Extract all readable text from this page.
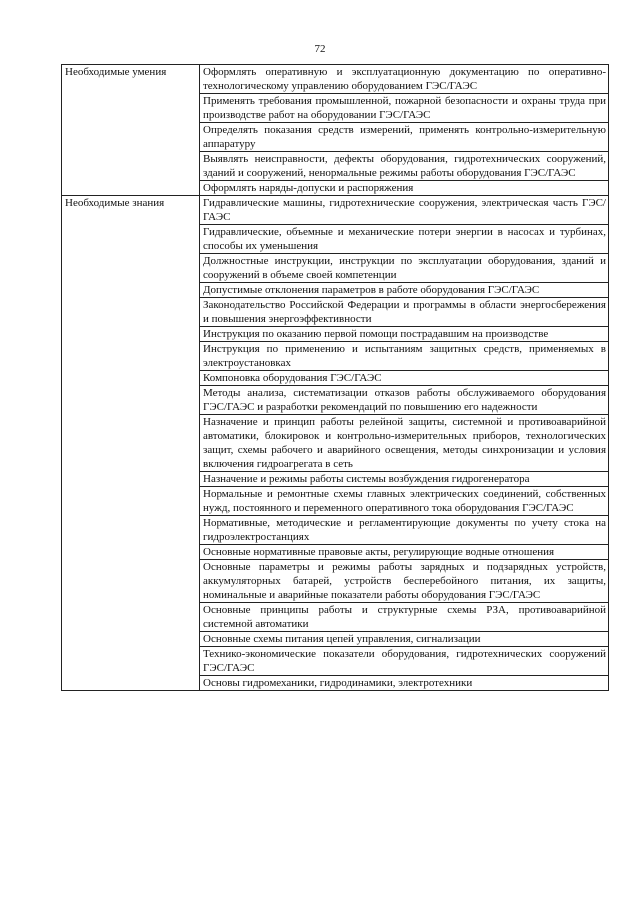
72
Необходимые умения	Оформлять оперативную и эксплуатационную документацию по оперативно-технологическому управлению оборудованием ГЭС/ГАЭС
	Применять требования промышленной, пожарной безопасности и охраны труда при производстве работ на оборудовании ГЭС/ГАЭС
	Определять показания средств измерений, применять контрольно-измерительную аппаратуру
	Выявлять неисправности, дефекты оборудования, гидротехнических сооружений, зданий и сооружений, ненормальные режимы работы оборудования ГЭС/ГАЭС
	Оформлять наряды-допуски и распоряжения
Необходимые знания	Гидравлические машины, гидротехнические сооружения, электрическая часть ГЭС/ГАЭС
	Гидравлические, объемные и механические потери энергии в насосах и турбинах, способы их уменьшения
	Должностные инструкции, инструкции по эксплуатации оборудования, зданий и сооружений в объеме своей компетенции
	Допустимые отклонения параметров в работе оборудования ГЭС/ГАЭС
	Законодательство Российской Федерации и программы в области энергосбережения и повышения энергоэффективности
	Инструкция по оказанию первой помощи пострадавшим на производстве
	Инструкция по применению и испытаниям защитных средств, применяемых в электроустановках
	Компоновка оборудования ГЭС/ГАЭС
	Методы анализа, систематизации отказов работы обслуживаемого оборудования ГЭС/ГАЭС и разработки рекомендаций по повышению его надежности
	Назначение и принцип работы релейной защиты, системной и противоаварийной автоматики, блокировок и контрольно-измерительных приборов, технологических защит, схемы рабочего и аварийного освещения, методы синхронизации и условия включения гидроагрегата в сеть
	Назначение и режимы работы системы возбуждения гидрогенератора
	Нормальные и ремонтные схемы главных электрических соединений, собственных нужд, постоянного и переменного оперативного тока оборудования ГЭС/ГАЭС
	Нормативные, методические и регламентирующие документы по учету стока на гидроэлектростанциях
	Основные нормативные правовые акты, регулирующие водные отношения
	Основные параметры и режимы работы зарядных и подзарядных устройств, аккумуляторных батарей, устройств бесперебойного питания, их защиты, номинальные и аварийные показатели работы оборудования ГЭС/ГАЭС
	Основные принципы работы и структурные схемы РЗА, противоаварийной системной автоматики
	Основные схемы питания цепей управления, сигнализации
	Технико-экономические показатели оборудования, гидротехнических сооружений ГЭС/ГАЭС
	Основы гидромеханики, гидродинамики, электротехники
